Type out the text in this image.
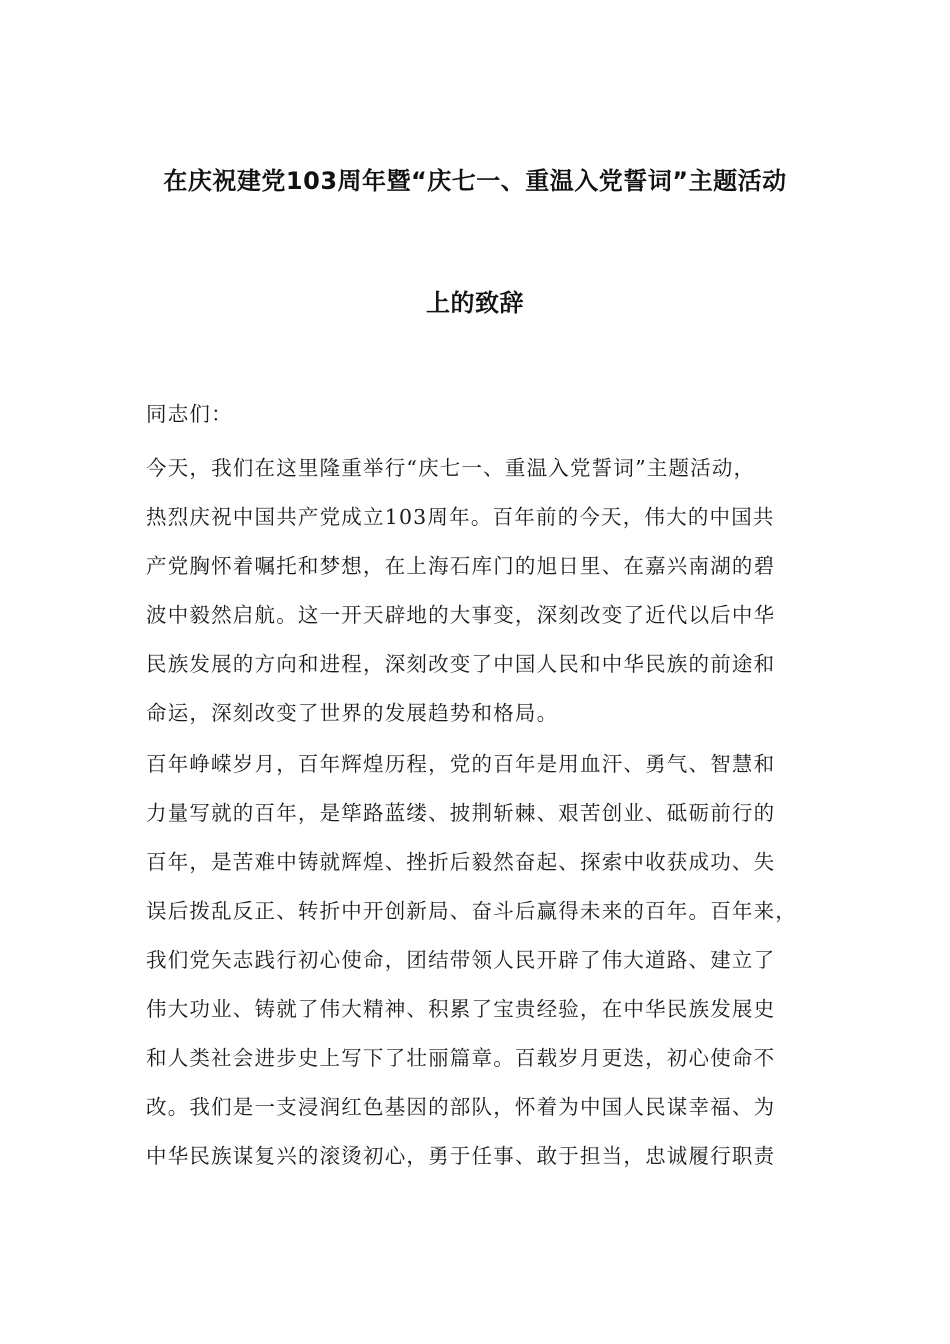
在庆祝建党103周年暨“庆七一、重温入党誓词”主题活动
上的致辞
同志们：
今天，我们在这里隆重举行“庆七一、重温入党誓词”主题活动，
热烈庆祝中国共产党成立103周年。百年前的今天，伟大的中国共
产党胸怀着嘱托和梦想，在上海石库门的旭日里、在嘉兴南湖的碧
波中毅然启航。这一开天辟地的大事变，深刻改变了近代以后中华
民族发展的方向和进程，深刻改变了中国人民和中华民族的前途和
命运，深刻改变了世界的发展趋势和格局。
百年峥嵘岁月，百年辉煌历程，党的百年是用血汗、勇气、智慧和
力量写就的百年，是筚路蓝缕、披荆斩棘、艰苦创业、砥砺前行的
百年，是苦难中铸就辉煌、挫折后毅然奋起、探索中收获成功、失
误后拨乱反正、转折中开创新局、奋斗后赢得未来的百年。百年来，
我们党矢志践行初心使命，团结带领人民开辟了伟大道路、建立了
伟大功业、铸就了伟大精神、积累了宝贵经验，在中华民族发展史
和人类社会进步史上写下了壮丽篇章。百载岁月更迭，初心使命不
改。我们是一支浸润红色基因的部队，怀着为中国人民谋幸福、为
中华民族谋复兴的滚烫初心，勇于任事、敢于担当，忠诚履行职责
